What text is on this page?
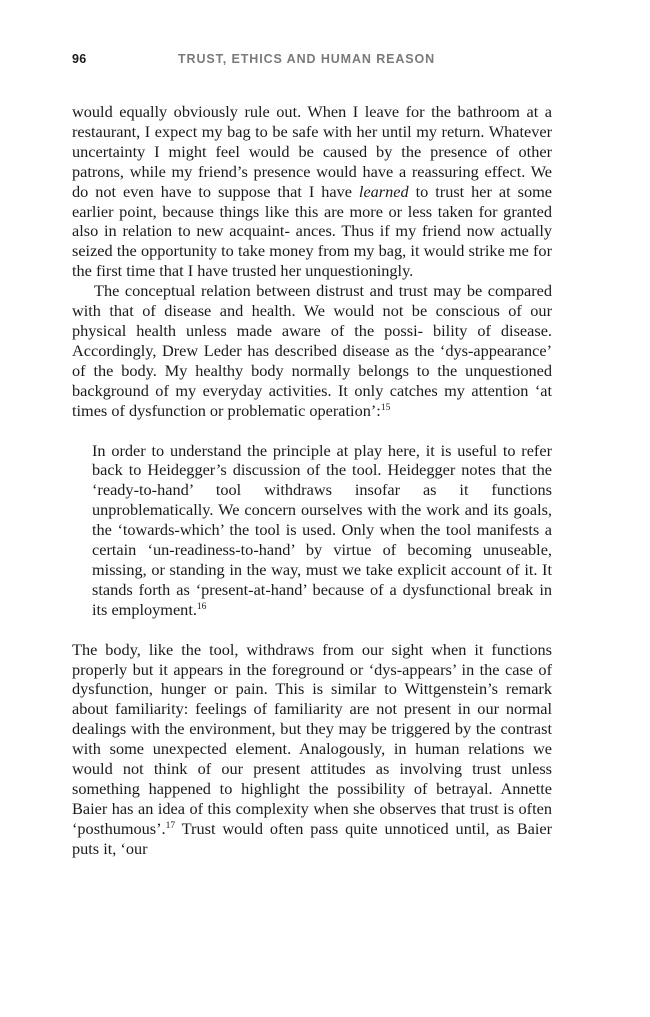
96	TRUST, ETHICS AND HUMAN REASON

would equally obviously rule out. When I leave for the bathroom at a restaurant, I expect my bag to be safe with her until my return. Whatever uncertainty I might feel would be caused by the presence of other patrons, while my friend’s presence would have a reassuring effect. We do not even have to suppose that I have learned to trust her at some earlier point, because things like this are more or less taken for granted also in relation to new acquaint- ances. Thus if my friend now actually seized the opportunity to take money from my bag, it would strike me for the first time that I have trusted her unquestioningly.

The conceptual relation between distrust and trust may be compared with that of disease and health. We would not be conscious of our physical health unless made aware of the possi- bility of disease. Accordingly, Drew Leder has described disease as the ‘dys-appearance’ of the body. My healthy body normally belongs to the unquestioned background of my everyday activities. It only catches my attention ‘at times of dysfunction or problematic operation’:$^{15}$

In order to understand the principle at play here, it is useful to refer back to Heidegger’s discussion of the tool. Heidegger notes that the ‘ready-to-hand’ tool withdraws insofar as it functions unproblematically. We concern ourselves with the work and its goals, the ‘towards-which’ the tool is used. Only when the tool manifests a certain ‘un-readiness-to-hand’ by virtue of becoming unuseable, missing, or standing in the way, must we take explicit account of it. It stands forth as ‘present-at-hand’ because of a dysfunctional break in its employment.$^{16}$

The body, like the tool, withdraws from our sight when it functions properly but it appears in the foreground or ‘dys-appears’ in the case of dysfunction, hunger or pain. This is similar to Wittgenstein’s remark about familiarity: feelings of familiarity are not present in our normal dealings with the environment, but they may be triggered by the contrast with some unexpected element. Analogously, in human relations we would not think of our present attitudes as involving trust unless something happened to highlight the possibility of betrayal. Annette Baier has an idea of this complexity when she observes that trust is often ‘posthumous’.$^{17}$ Trust would often pass quite unnoticed until, as Baier puts it, ‘our
